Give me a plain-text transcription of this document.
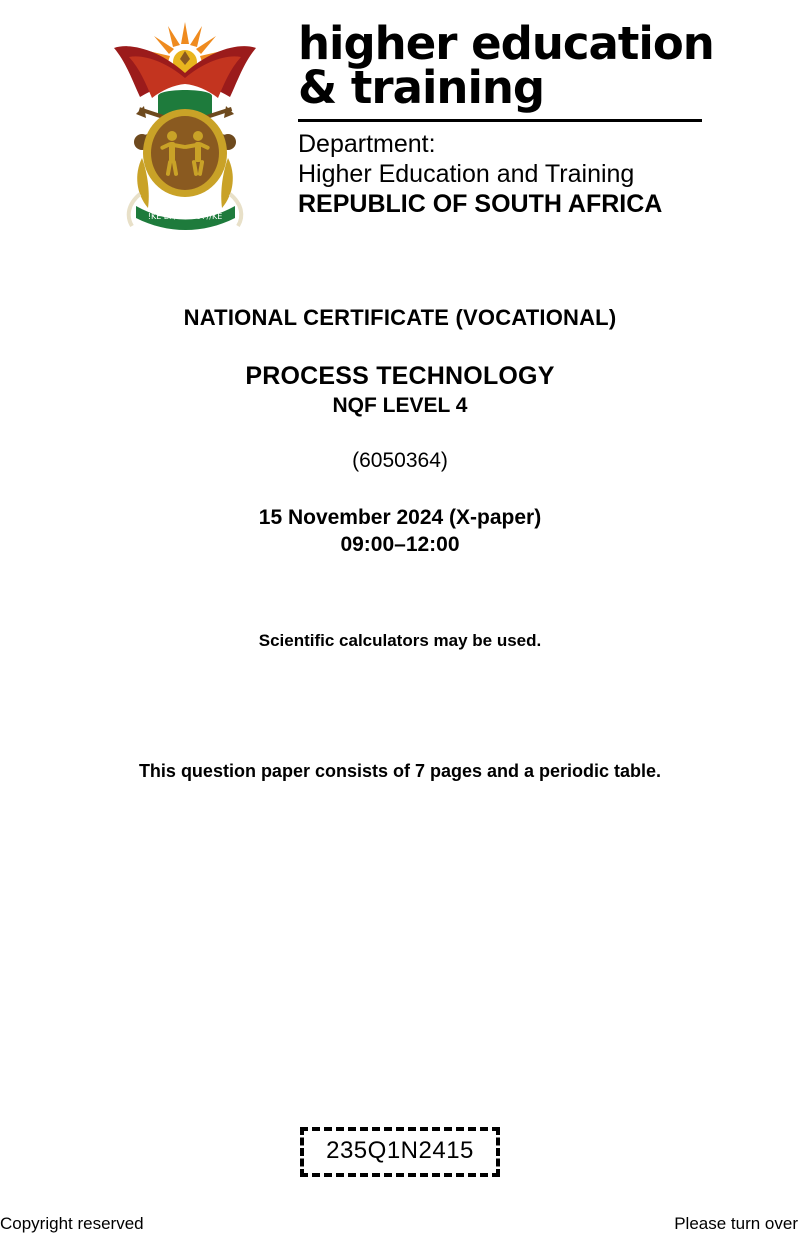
!KE E: /XARRA //KE
higher education
& training
Department:
Higher Education and Training
REPUBLIC OF SOUTH AFRICA
NATIONAL CERTIFICATE (VOCATIONAL)
PROCESS TECHNOLOGY
NQF LEVEL 4
(6050364)
15 November 2024 (X-paper)
09:00–12:00
Scientific calculators may be used.
This question paper consists of 7 pages and a periodic table.
235Q1N2415
Copyright reserved	Please turn over
